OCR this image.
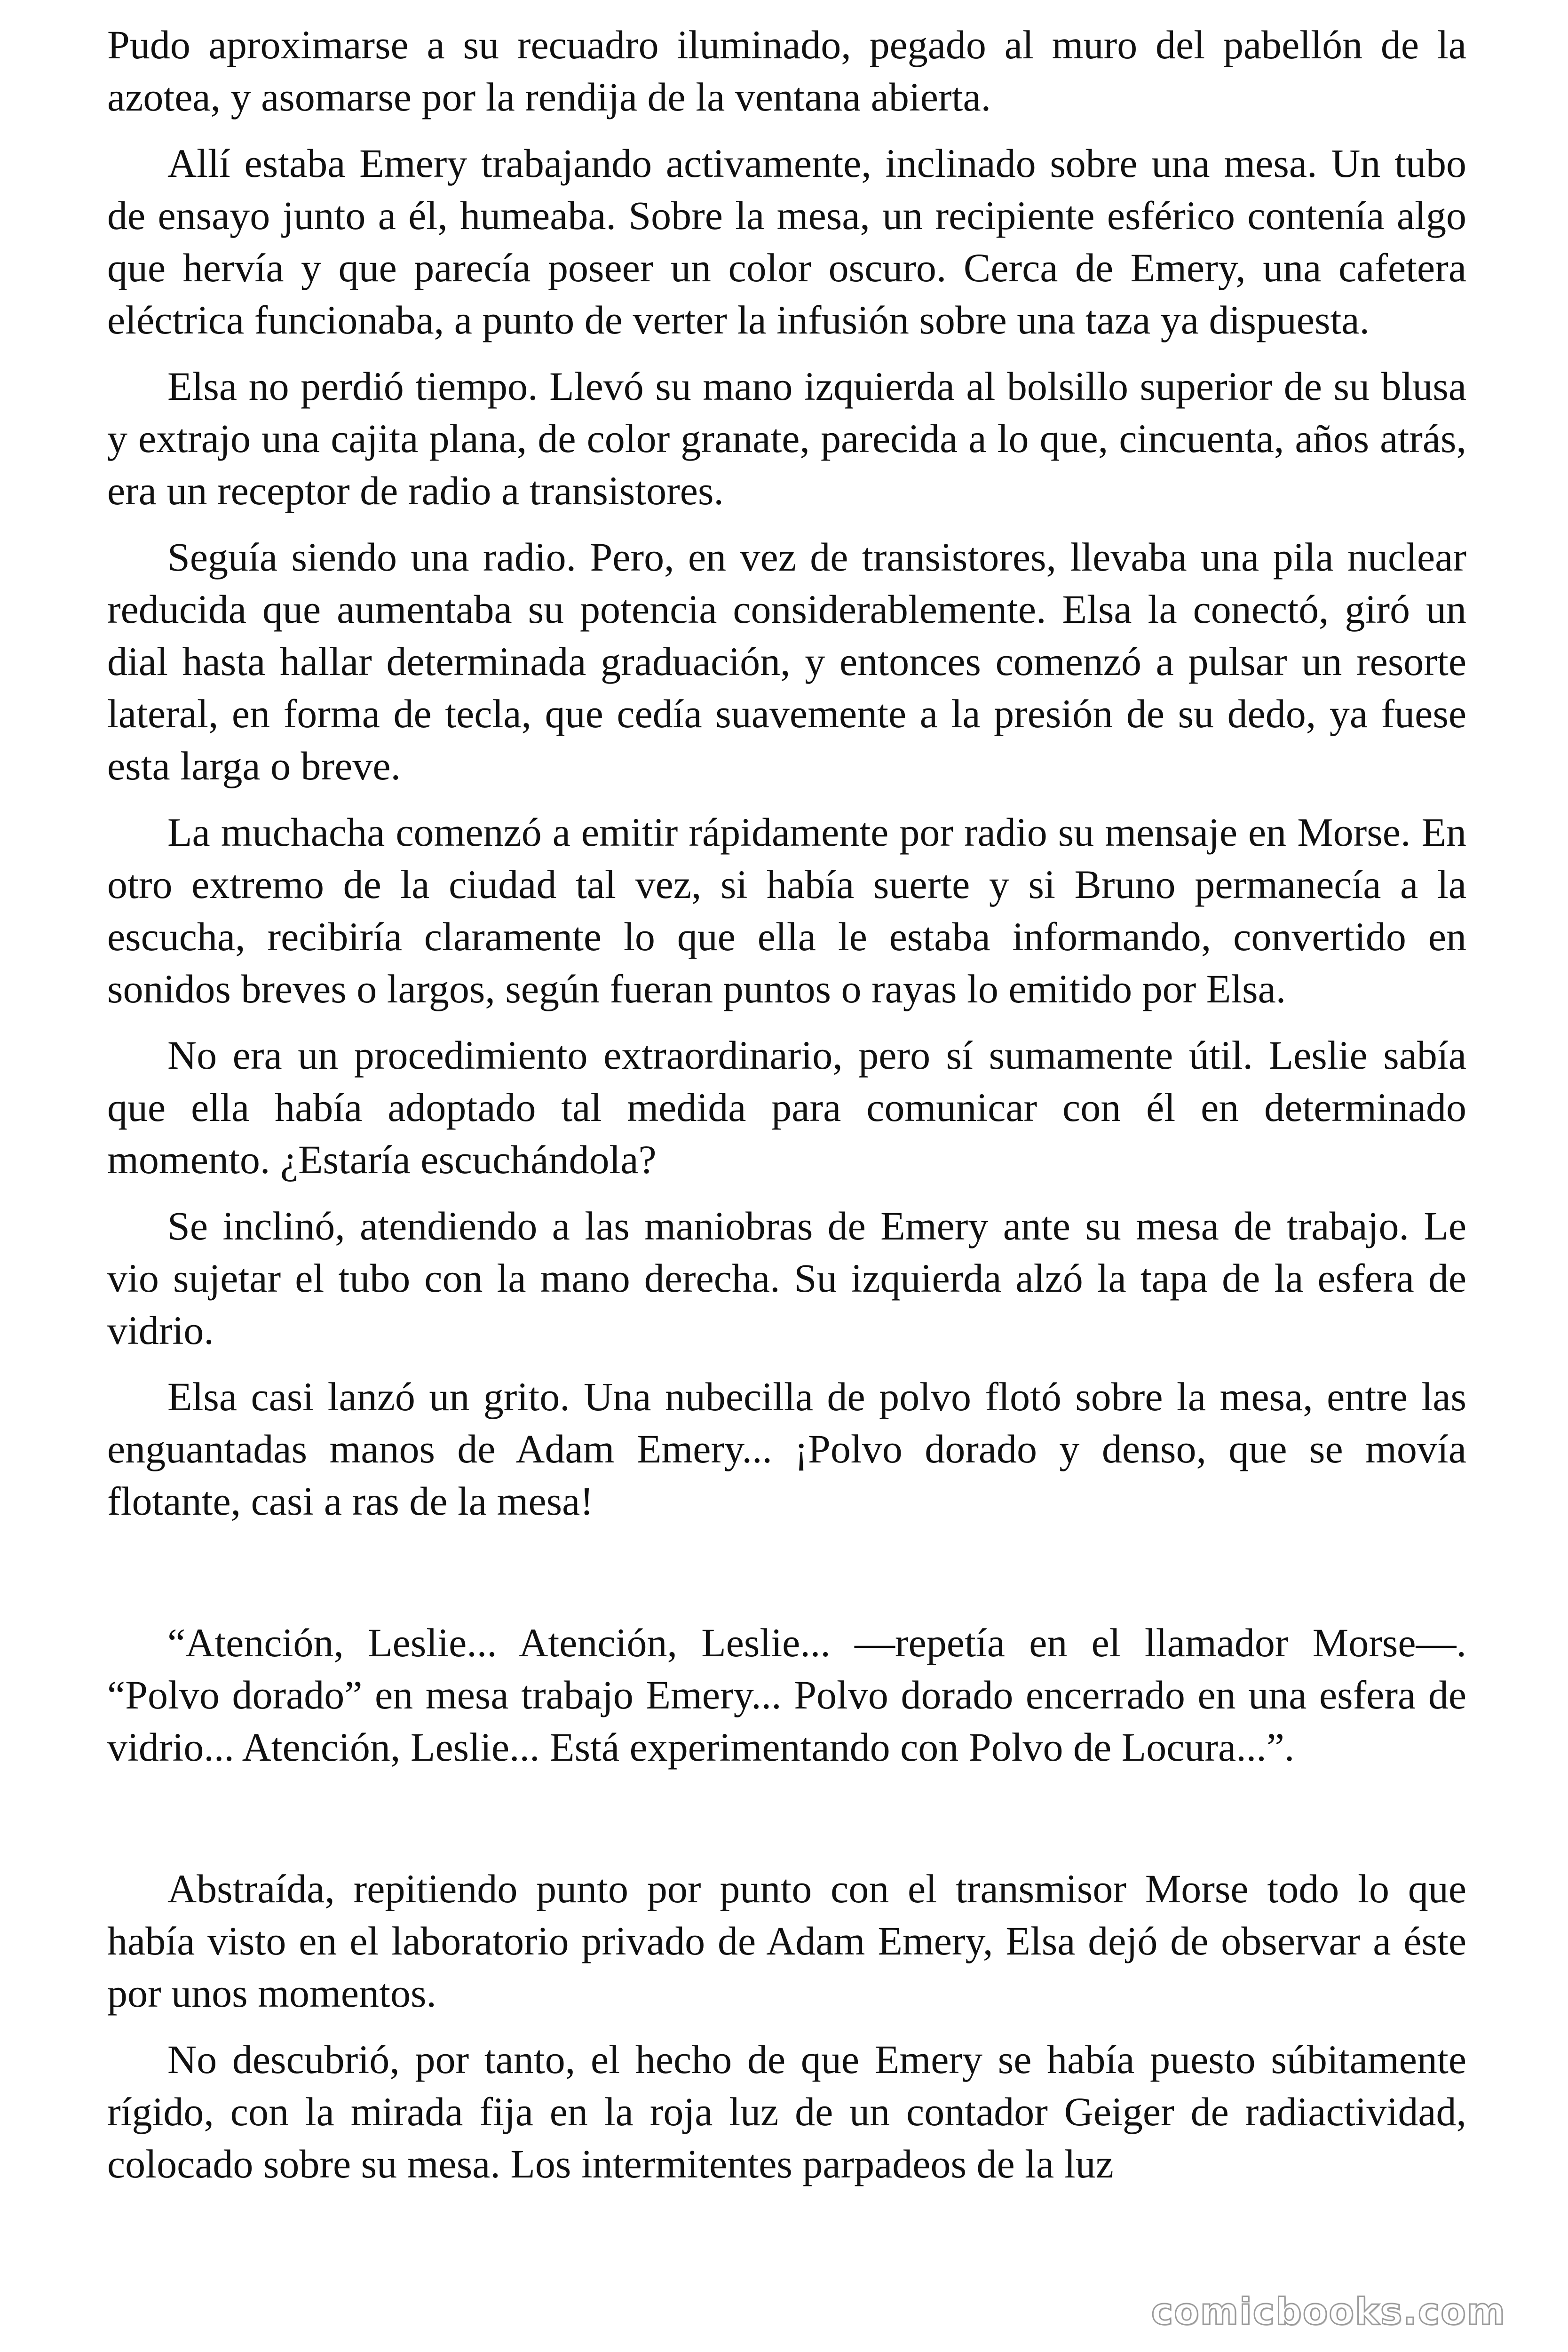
Pudo aproximarse a su recuadro iluminado, pegado al muro del pabellón de la azotea, y asomarse por la rendija de la ventana abierta.

Allí estaba Emery trabajando activamente, inclinado sobre una mesa. Un tubo de ensayo junto a él, humeaba. Sobre la mesa, un recipiente esférico contenía algo que hervía y que parecía poseer un color oscuro. Cerca de Emery, una cafetera eléctrica funcionaba, a punto de verter la infusión sobre una taza ya dispuesta.

Elsa no perdió tiempo. Llevó su mano izquierda al bolsillo superior de su blusa y extrajo una cajita plana, de color granate, parecida a lo que, cincuenta, años atrás, era un receptor de radio a transistores.

Seguía siendo una radio. Pero, en vez de transistores, llevaba una pila nuclear reducida que aumentaba su potencia considerablemente. Elsa la conectó, giró un dial hasta hallar determinada graduación, y entonces comenzó a pulsar un resorte lateral, en forma de tecla, que cedía suavemente a la presión de su dedo, ya fuese esta larga o breve.

La muchacha comenzó a emitir rápidamente por radio su mensaje en Morse. En otro extremo de la ciudad tal vez, si había suerte y si Bruno permanecía a la escucha, recibiría claramente lo que ella le estaba informando, convertido en sonidos breves o largos, según fueran puntos o rayas lo emitido por Elsa.

No era un procedimiento extraordinario, pero sí sumamente útil. Leslie sabía que ella había adoptado tal medida para comunicar con él en determinado momento. ¿Estaría escuchándola?

Se inclinó, atendiendo a las maniobras de Emery ante su mesa de trabajo. Le vio sujetar el tubo con la mano derecha. Su izquierda alzó la tapa de la esfera de vidrio.

Elsa casi lanzó un grito. Una nubecilla de polvo flotó sobre la mesa, entre las enguantadas manos de Adam Emery... ¡Polvo dorado y denso, que se movía flotante, casi a ras de la mesa!

“Atención, Leslie... Atención, Leslie... —repetía en el llamador Morse—. “Polvo dorado” en mesa trabajo Emery... Polvo dorado encerrado en una esfera de vidrio... Atención, Leslie... Está experimentando con Polvo de Locura...”.

Abstraída, repitiendo punto por punto con el transmisor Morse todo lo que había visto en el laboratorio privado de Adam Emery, Elsa dejó de observar a éste por unos momentos.

No descubrió, por tanto, el hecho de que Emery se había puesto súbitamente rígido, con la mirada fija en la roja luz de un contador Geiger de radiactividad, colocado sobre su mesa. Los intermitentes parpadeos de la luz

comicbooks.com
